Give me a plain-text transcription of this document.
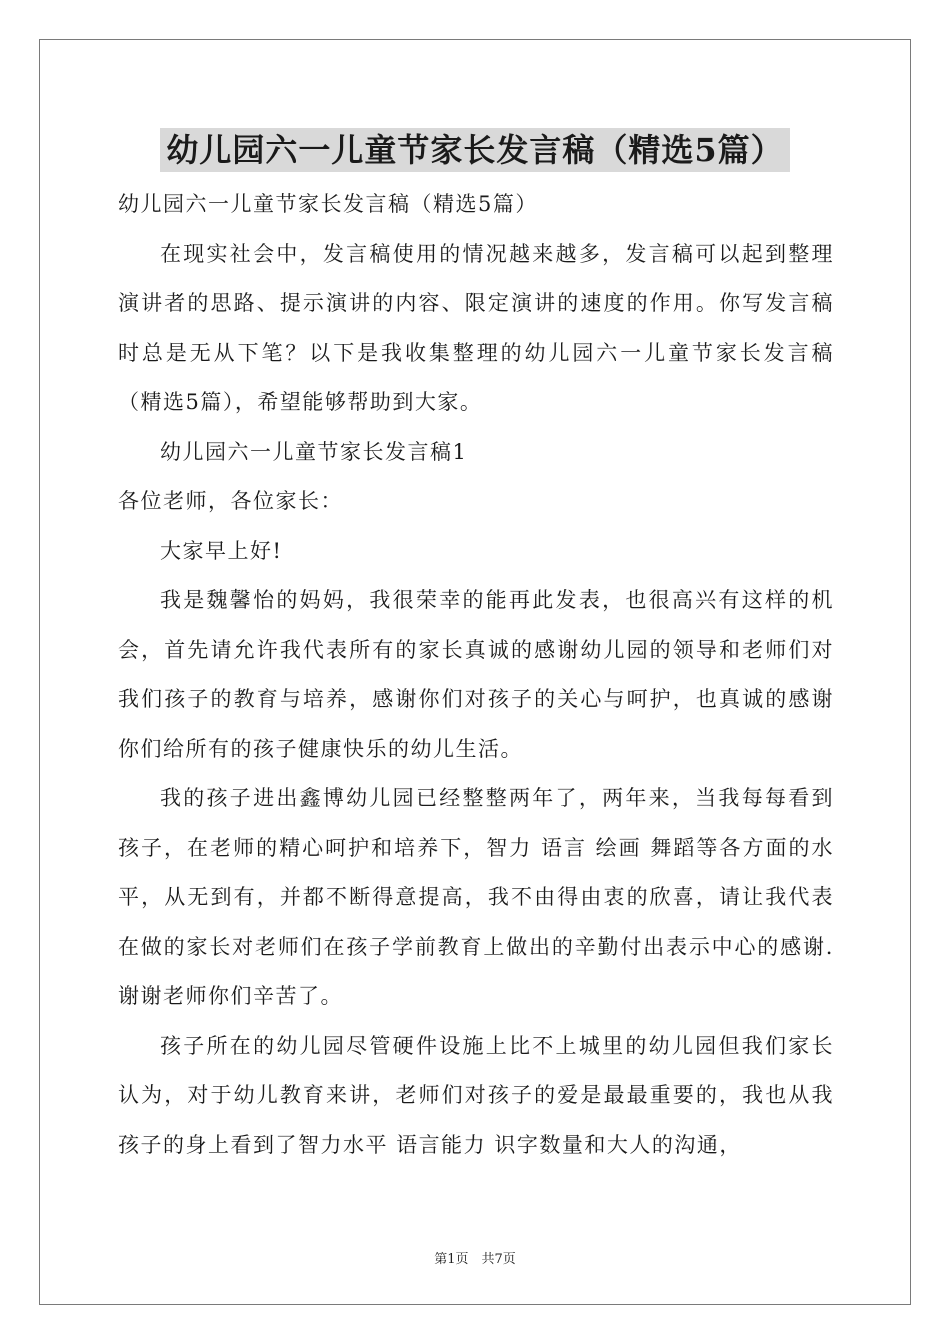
幼儿园六一儿童节家长发言稿（精选5篇）

幼儿园六一儿童节家长发言稿（精选5篇）

在现实社会中，发言稿使用的情况越来越多，发言稿可以起到整理演讲者的思路、提示演讲的内容、限定演讲的速度的作用。你写发言稿时总是无从下笔？以下是我收集整理的幼儿园六一儿童节家长发言稿（精选5篇），希望能够帮助到大家。

幼儿园六一儿童节家长发言稿1

各位老师，各位家长：

大家早上好!

我是魏馨怡的妈妈，我很荣幸的能再此发表，也很高兴有这样的机会，首先请允许我代表所有的家长真诚的感谢幼儿园的领导和老师们对我们孩子的教育与培养，感谢你们对孩子的关心与呵护，也真诚的感谢你们给所有的孩子健康快乐的幼儿生活。

我的孩子进出鑫博幼儿园已经整整两年了，两年来，当我每每看到孩子，在老师的精心呵护和培养下，智力 语言 绘画 舞蹈等各方面的水平，从无到有，并都不断得意提高，我不由得由衷的欣喜，请让我代表在做的家长对老师们在孩子学前教育上做出的辛勤付出表示中心的感谢. 谢谢老师你们辛苦了。

孩子所在的幼儿园尽管硬件设施上比不上城里的幼儿园但我们家长认为，对于幼儿教育来讲，老师们对孩子的爱是最最重要的，我也从我孩子的身上看到了智力水平 语言能力 识字数量和大人的沟通，

第1页　共7页
